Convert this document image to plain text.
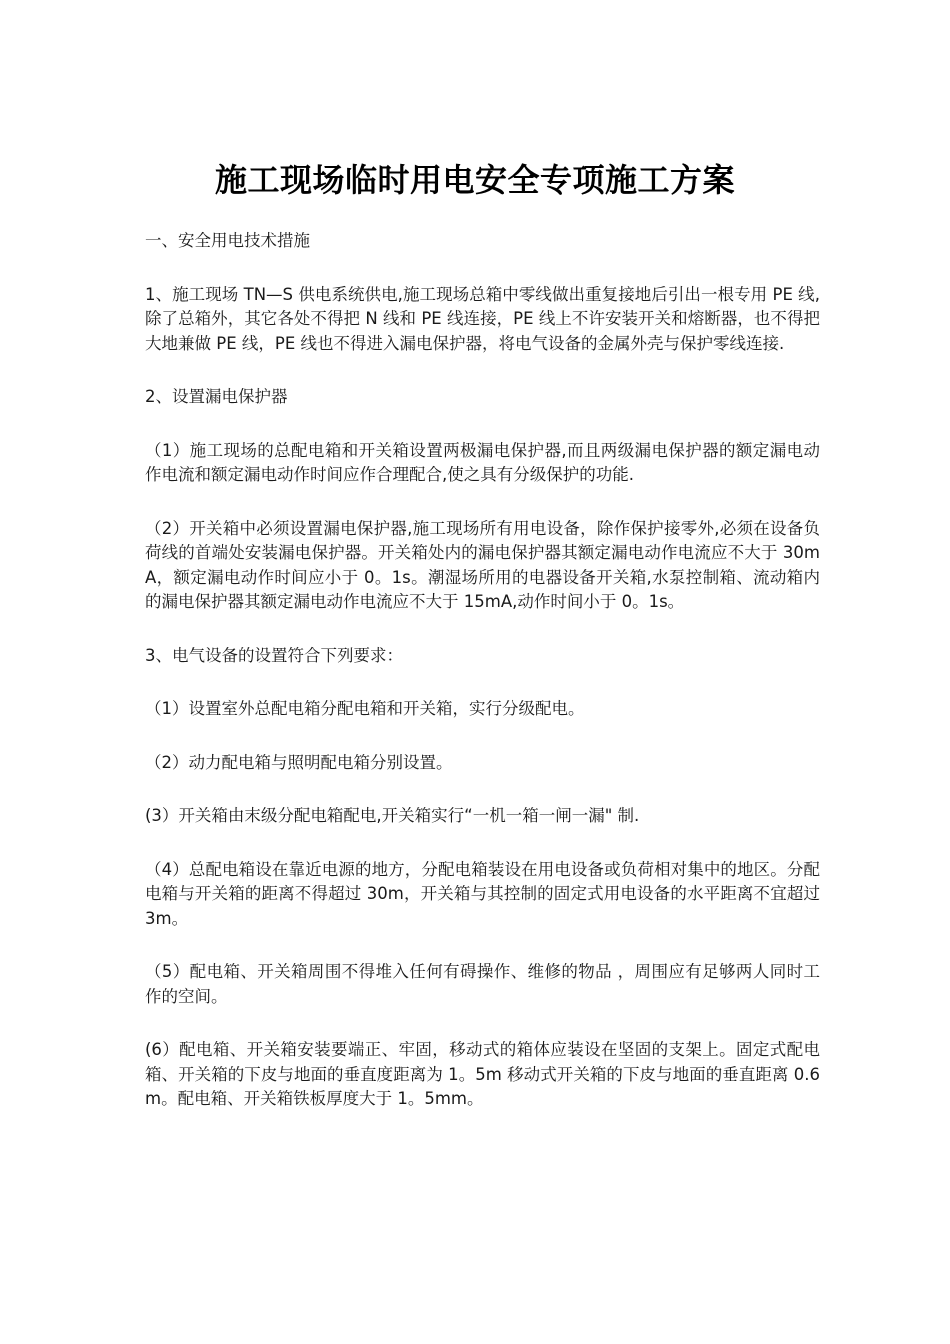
施工现场临时用电安全专项施工方案

一、安全用电技术措施

1、施工现场 TN—S 供电系统供电,施工现场总箱中零线做出重复接地后引出一根专用 PE 线,除了总箱外，其它各处不得把 N 线和 PE 线连接，PE 线上不许安装开关和熔断器，也不得把大地兼做 PE 线，PE 线也不得进入漏电保护器，将电气设备的金属外壳与保护零线连接.

2、设置漏电保护器

（1）施工现场的总配电箱和开关箱设置两极漏电保护器,而且两级漏电保护器的额定漏电动作电流和额定漏电动作时间应作合理配合,使之具有分级保护的功能.

（2）开关箱中必须设置漏电保护器,施工现场所有用电设备，除作保护接零外,必须在设备负荷线的首端处安装漏电保护器。开关箱处内的漏电保护器其额定漏电动作电流应不大于 30mA，额定漏电动作时间应小于 0。1s。潮湿场所用的电器设备开关箱,水泵控制箱、流动箱内的漏电保护器其额定漏电动作电流应不大于 15mA,动作时间小于 0。1s。

3、电气设备的设置符合下列要求：

（1）设置室外总配电箱分配电箱和开关箱，实行分级配电。

（2）动力配电箱与照明配电箱分别设置。

(3）开关箱由末级分配电箱配电,开关箱实行“一机一箱一闸一漏" 制.

（4）总配电箱设在靠近电源的地方，分配电箱装设在用电设备或负荷相对集中的地区。分配电箱与开关箱的距离不得超过 30m，开关箱与其控制的固定式用电设备的水平距离不宜超过 3m。

（5）配电箱、开关箱周围不得堆入任何有碍操作、维修的物品 ，周围应有足够两人同时工作的空间。

(6）配电箱、开关箱安装要端正、牢固，移动式的箱体应装设在坚固的支架上。固定式配电箱、开关箱的下皮与地面的垂直度距离为 1。5m 移动式开关箱的下皮与地面的垂直距离 0.6m。配电箱、开关箱铁板厚度大于 1。5mm。
